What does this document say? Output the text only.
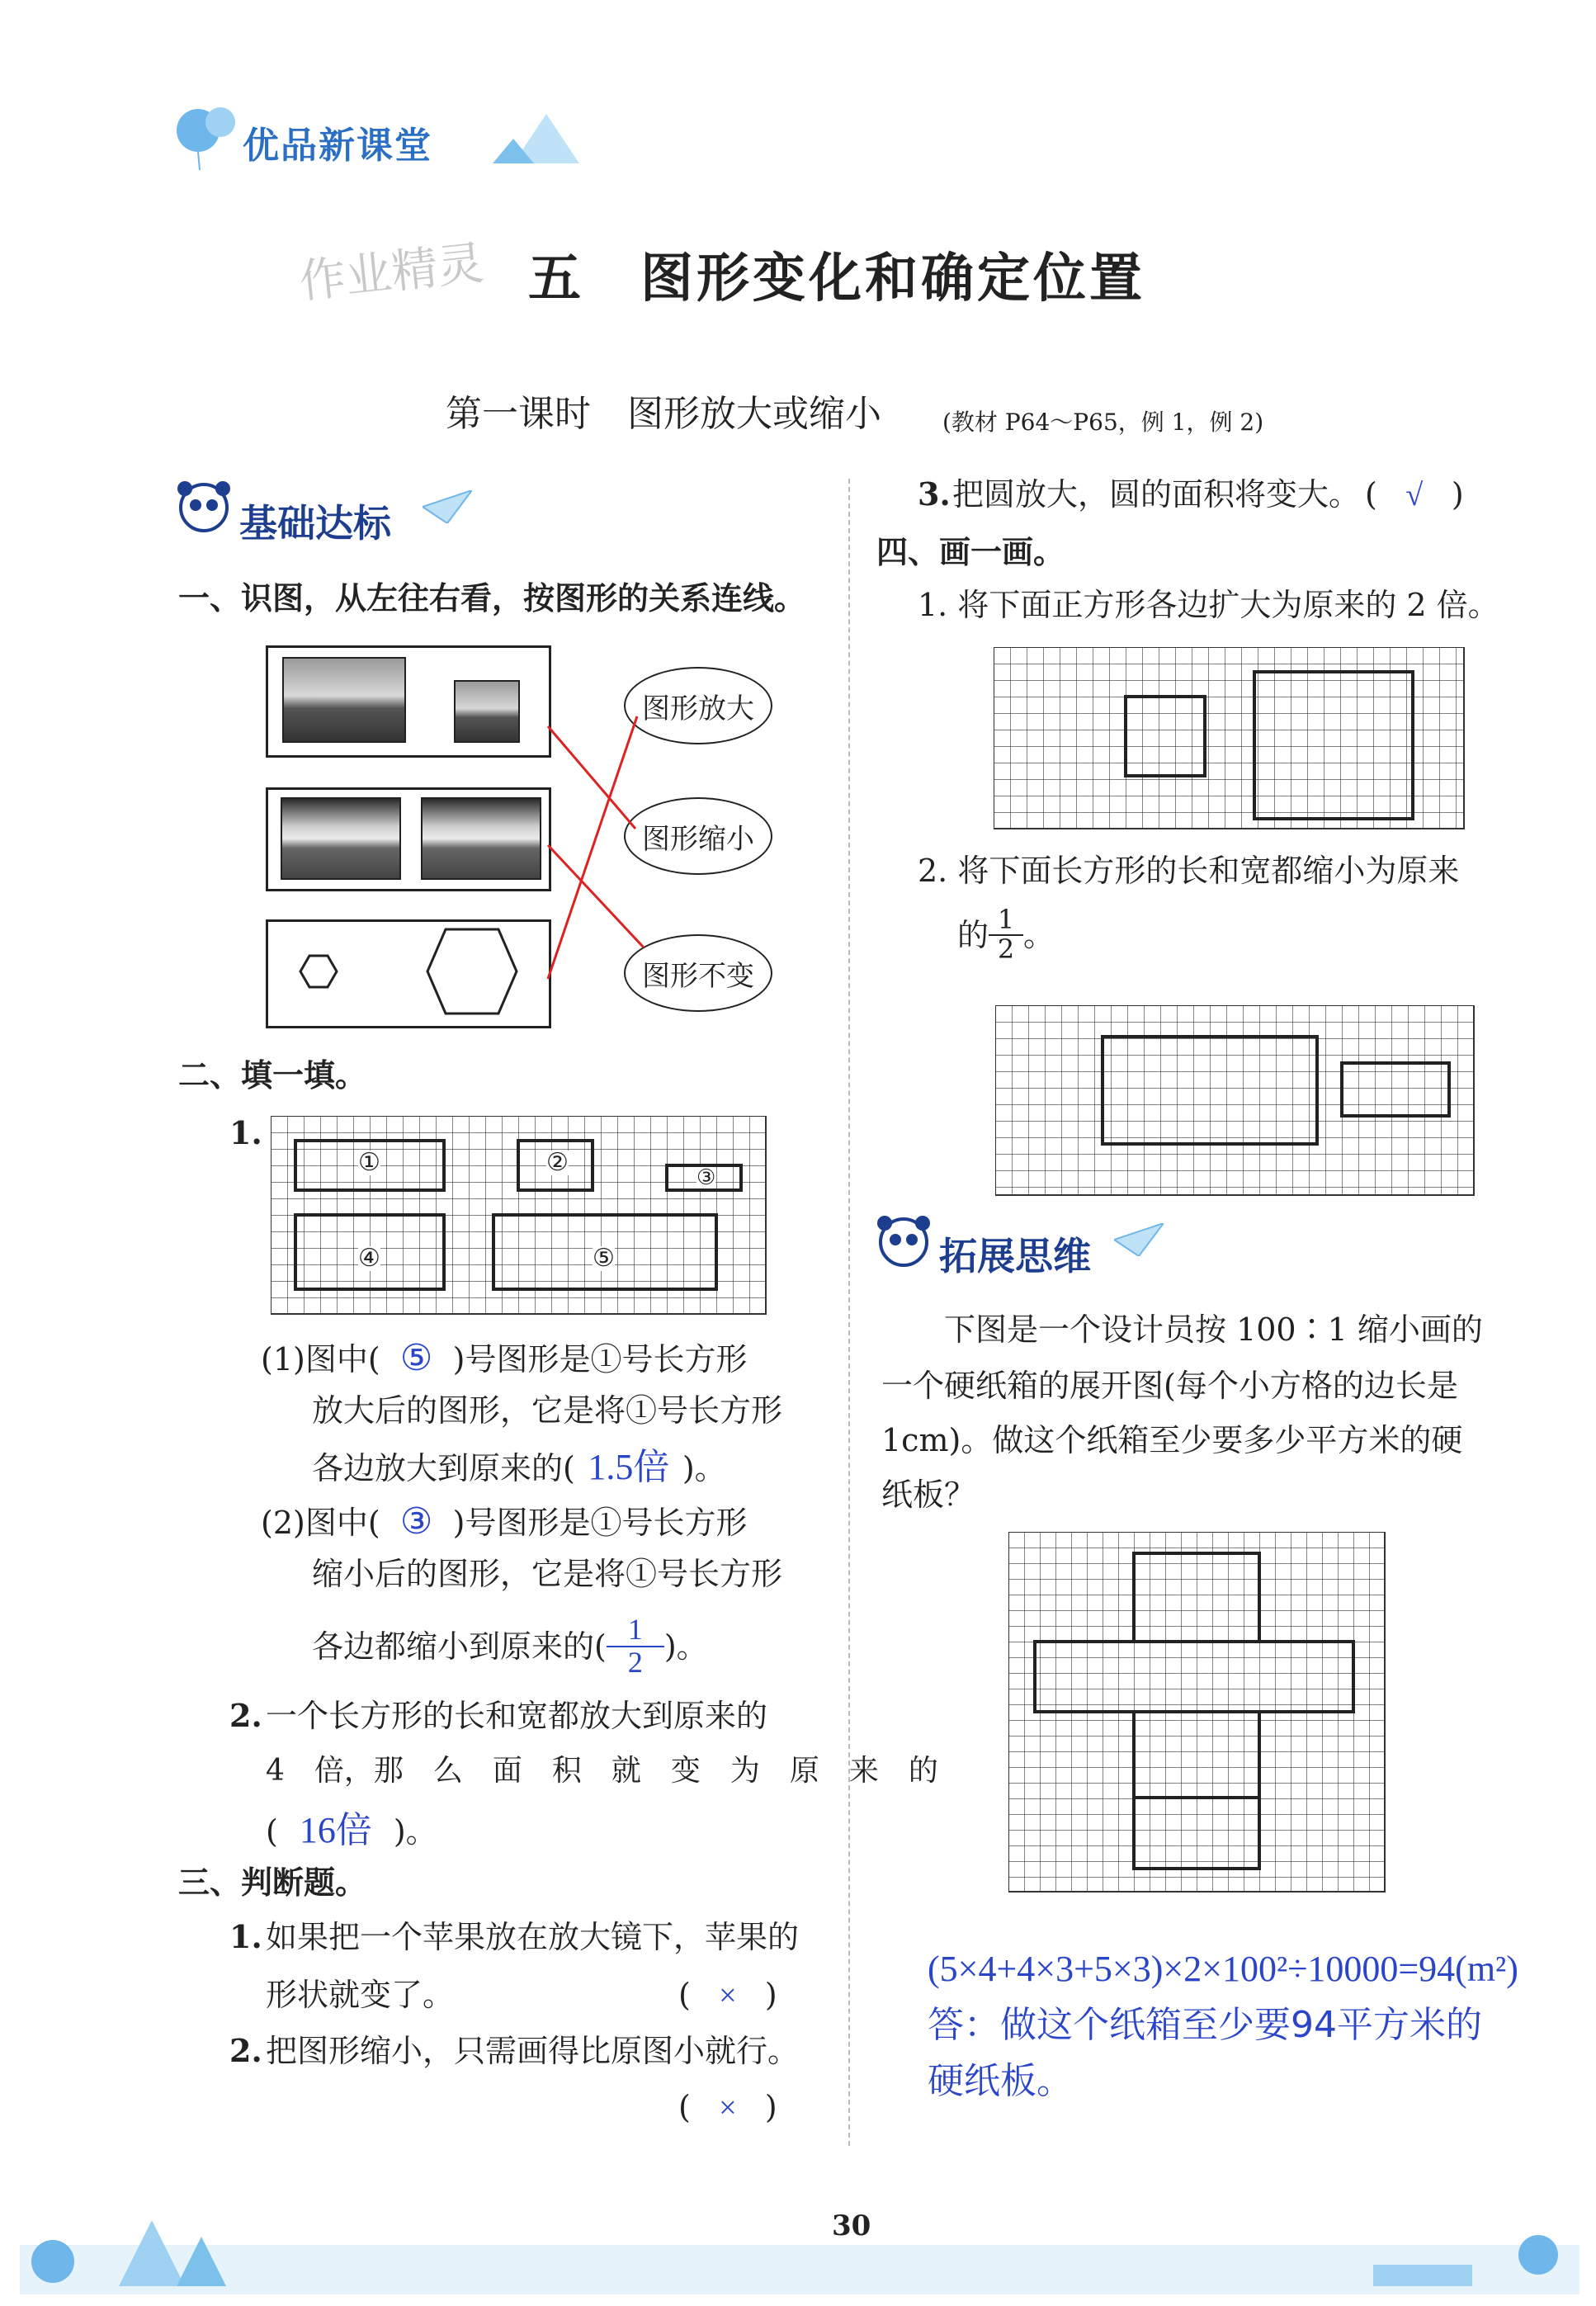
优品新课堂
作业精灵 五　图形变化和确定位置
第一课时　图形放大或缩小	(教材 P64～P65，例 1，例 2)
基础达标
一、识图，从左往右看，按图形的关系连线。
图形放大
图形缩小
图形不变
二、填一填。
1.
①	②
③
④	⑤
(1)图中( ⑤ )号图形是①号长方形
放大后的图形，它是将①号长方形
各边放大到原来的( 1.5倍 )。
(2)图中( ③ )号图形是①号长方形
缩小后的图形，它是将①号长方形
各边都缩小到原来的( $\frac{1}{2}$ )。
2. 一个长方形的长和宽都放大到原来的
4　倍，那　么　面　积　就　变　为　原　来　的
( 16倍 )。
三、判断题。
1. 如果把一个苹果放在放大镜下，苹果的
形状就变了。	( × )
2. 把图形缩小，只需画得比原图小就行。
( × )
3. 把圆放大，圆的面积将变大。 ( √ )
四、画一画。
1. 将下面正方形各边扩大为原来的 2 倍。
2. 将下面长方形的长和宽都缩小为原来
的 $\frac{1}{2}$ 。
拓展思维
下图是一个设计员按 100∶1 缩小画的
一个硬纸箱的展开图(每个小方格的边长是
1cm)。做这个纸箱至少要多少平方米的硬
纸板？
(5×4+4×3+5×3)×2×100²÷10000=94(m²)
答：做这个纸箱至少要94平方米的
硬纸板。
30
